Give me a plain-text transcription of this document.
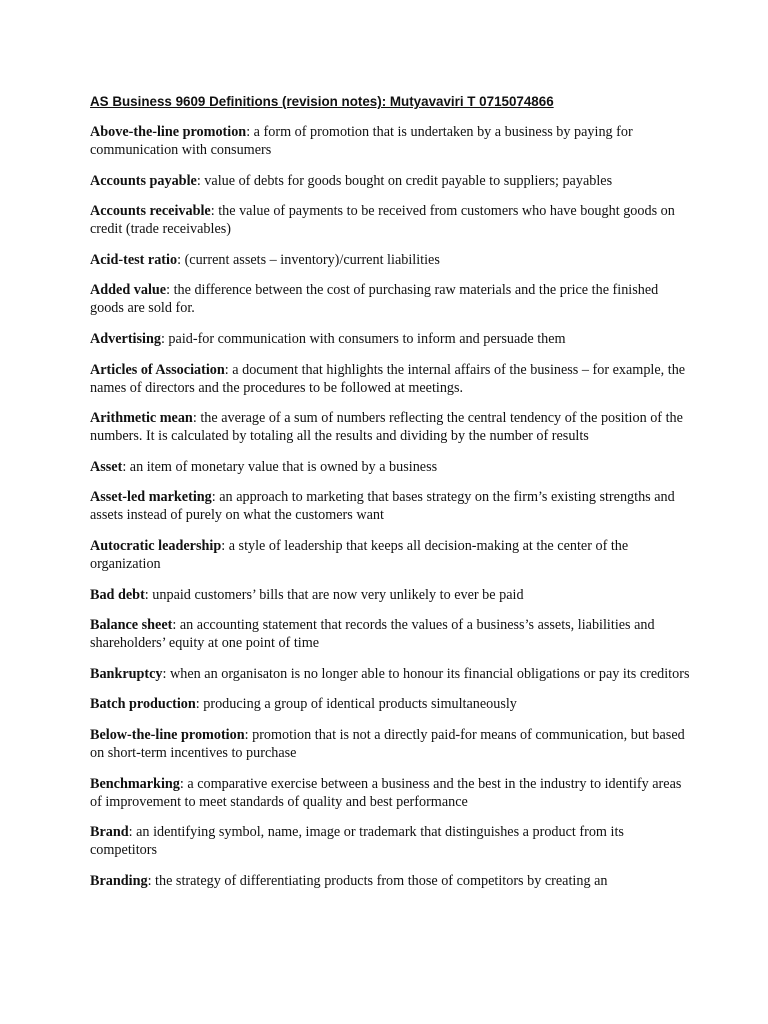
AS Business 9609 Definitions (revision notes): Mutyavaviri T 0715074866

Above-the-line promotion: a form of promotion that is undertaken by a business by paying for communication with consumers

Accounts payable: value of debts for goods bought on credit payable to suppliers; payables

Accounts receivable: the value of payments to be received from customers who have bought goods on credit (trade receivables)

Acid-test ratio: (current assets – inventory)/current liabilities

Added value: the difference between the cost of purchasing raw materials and the price the finished goods are sold for.

Advertising: paid-for communication with consumers to inform and persuade them

Articles of Association: a document that highlights the internal affairs of the business – for example, the names of directors and the procedures to be followed at meetings.

Arithmetic mean: the average of a sum of numbers reflecting the central tendency of the position of the numbers. It is calculated by totaling all the results and dividing by the number of results

Asset: an item of monetary value that is owned by a business

Asset-led marketing: an approach to marketing that bases strategy on the firm’s existing strengths and assets instead of purely on what the customers want

Autocratic leadership: a style of leadership that keeps all decision-making at the center of the organization

Bad debt: unpaid customers’ bills that are now very unlikely to ever be paid

Balance sheet: an accounting statement that records the values of a business’s assets, liabilities and shareholders’ equity at one point of time

Bankruptcy: when an organisaton is no longer able to honour its financial obligations or pay its creditors

Batch production: producing a group of identical products simultaneously

Below-the-line promotion: promotion that is not a directly paid-for means of communication, but based on short-term incentives to purchase

Benchmarking: a comparative exercise between a business and the best in the industry to identify areas of improvement to meet standards of quality and best performance

Brand: an identifying symbol, name, image or trademark that distinguishes a product from its competitors

Branding: the strategy of differentiating products from those of competitors by creating an
